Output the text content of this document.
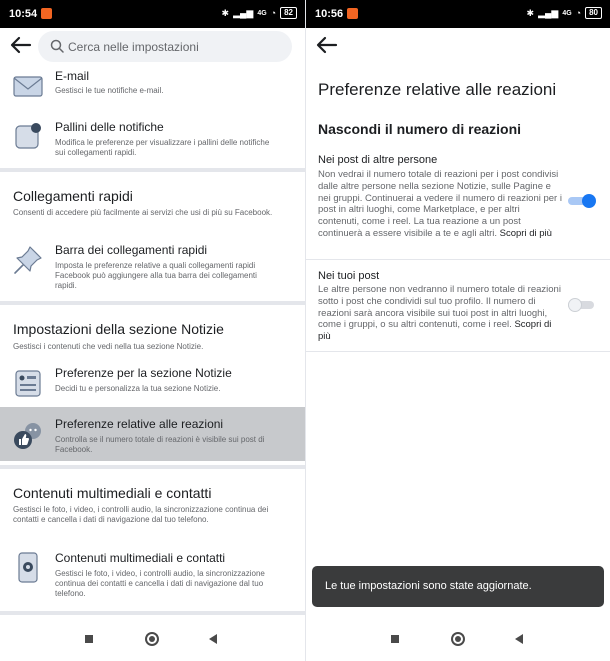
10:54	✱ ▂▄▆ 4G ◔	82
Cerca nelle impostazioni
E-mail
Gestisci le tue notifiche e-mail.
Pallini delle notifiche
Modifica le preferenze per visualizzare i pallini delle notifiche sui collegamenti rapidi.
Collegamenti rapidi
Consenti di accedere più facilmente ai servizi che usi di più su Facebook.
Barra dei collegamenti rapidi
Imposta le preferenze relative a quali collegamenti rapidi Facebook può aggiungere alla tua barra dei collegamenti rapidi.
Impostazioni della sezione Notizie
Gestisci i contenuti che vedi nella tua sezione Notizie.
Preferenze per la sezione Notizie
Decidi tu e personalizza la tua sezione Notizie.
Preferenze relative alle reazioni
Controlla se il numero totale di reazioni è visibile sui post di Facebook.
Contenuti multimediali e contatti
Gestisci le foto, i video, i controlli audio, la sincronizzazione continua dei contatti e cancella i dati di navigazione dal tuo telefono.
Contenuti multimediali e contatti
Gestisci le foto, i video, i controlli audio, la sincronizzazione continua dei contatti e cancella i dati di navigazione dal tuo telefono.
10:56	✱ ▂▄▆ 4G ◔	80
Preferenze relative alle reazioni
Nascondi il numero di reazioni
Nei post di altre persone

Non vedrai il numero totale di reazioni per i post condivisi dalle altre persone nella sezione Notizie, sulle Pagine e nei gruppi. Continuerai a vedere il numero di reazioni per i post in altri luoghi, come Marketplace, e per altri contenuti, come i reel. La tua reazione a un post continuerà a essere visibile a te e agli altri. Scopri di più

Nei tuoi post

Le altre persone non vedranno il numero totale di reazioni sotto i post che condividi sul tuo profilo. Il numero di reazioni sarà ancora visibile sui tuoi post in altri luoghi, come i gruppi, o su altri contenuti, come i reel. Scopri di più

Le tue impostazioni sono state aggiornate.
